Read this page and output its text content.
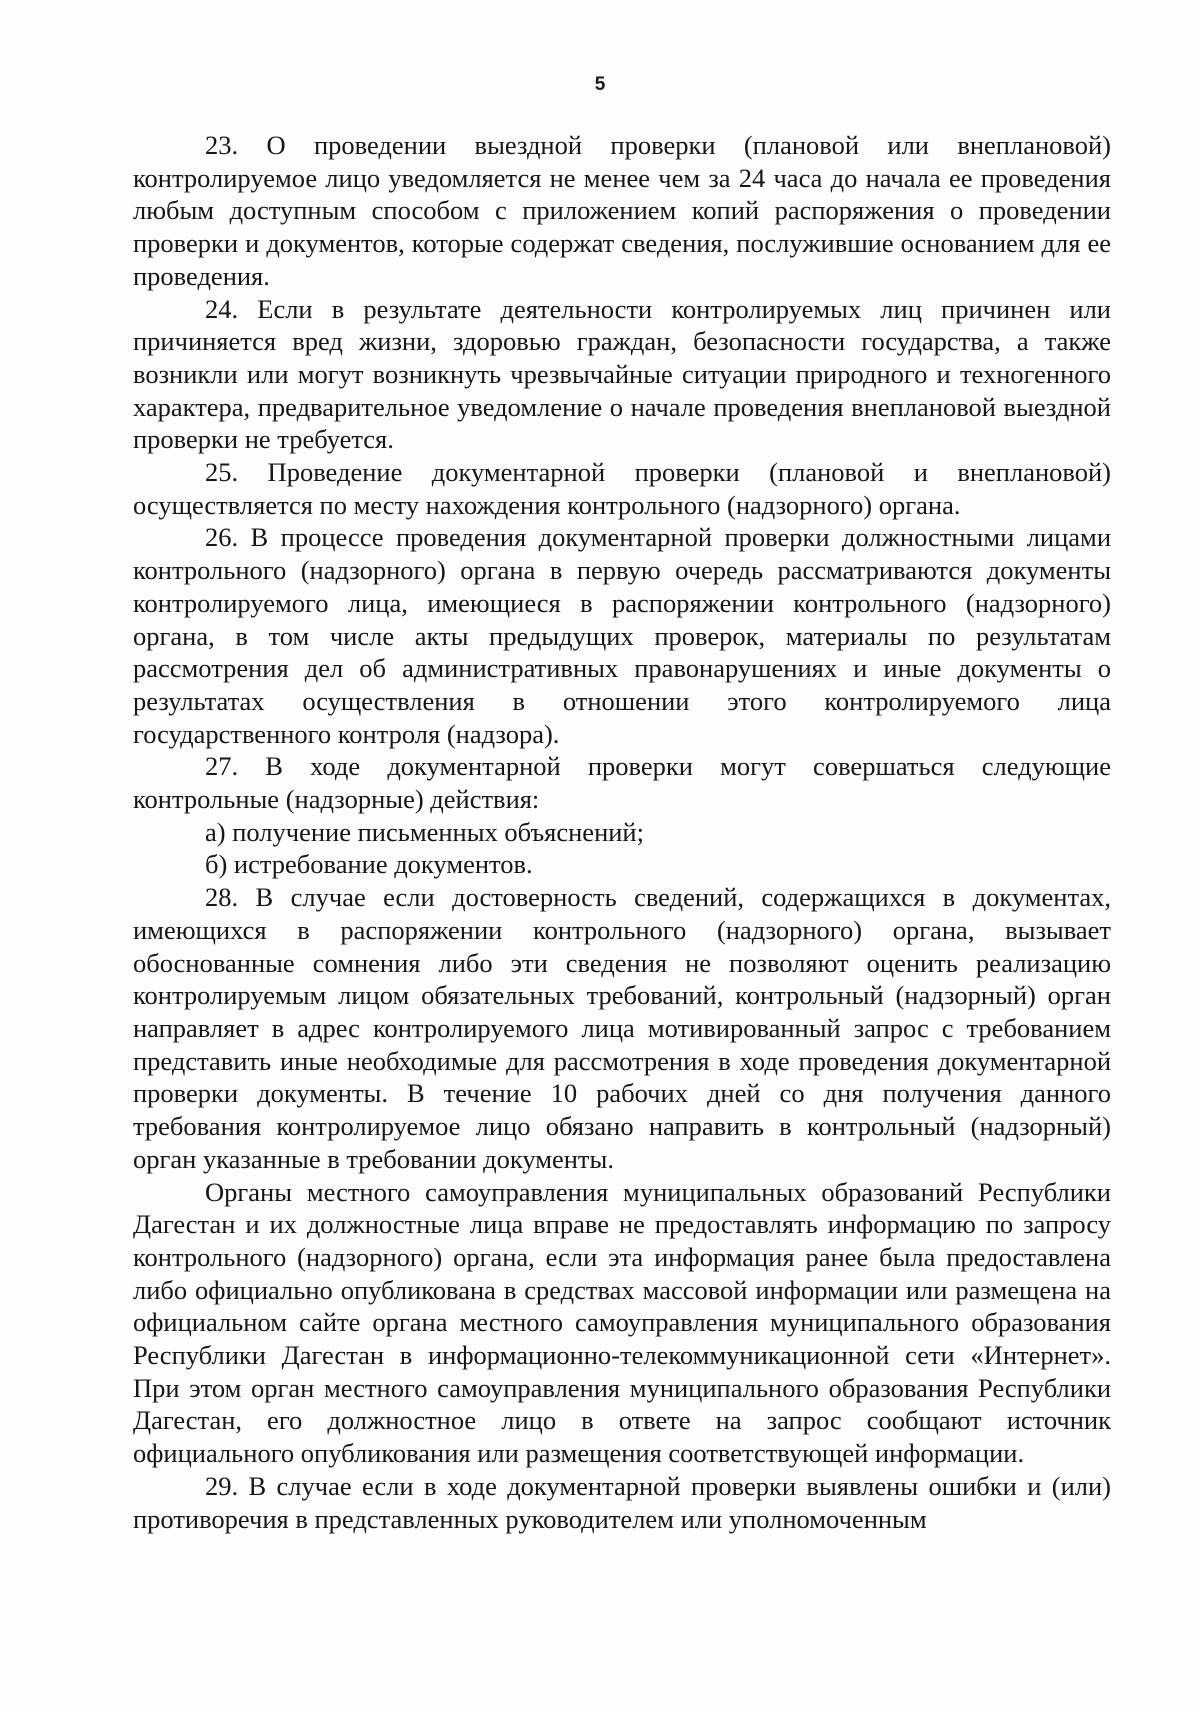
5

23. О проведении выездной проверки (плановой или внеплановой) контролируемое лицо уведомляется не менее чем за 24 часа до начала ее проведения любым доступным способом с приложением копий распоряжения о проведении проверки и документов, которые содержат сведения, послужившие основанием для ее проведения.

24. Если в результате деятельности контролируемых лиц причинен или причиняется вред жизни, здоровью граждан, безопасности государства, а также возникли или могут возникнуть чрезвычайные ситуации природного и техногенного характера, предварительное уведомление о начале проведения внеплановой выездной проверки не требуется.

25. Проведение документарной проверки (плановой и внеплановой) осуществляется по месту нахождения контрольного (надзорного) органа.

26. В процессе проведения документарной проверки должностными лицами контрольного (надзорного) органа в первую очередь рассматриваются документы контролируемого лица, имеющиеся в распоряжении контрольного (надзорного) органа, в том числе акты предыдущих проверок, материалы по результатам рассмотрения дел об административных правонарушениях и иные документы о результатах осуществления в отношении этого контролируемого лица государственного контроля (надзора).

27. В ходе документарной проверки могут совершаться следующие контрольные (надзорные) действия:

а) получение письменных объяснений;

б) истребование документов.

28. В случае если достоверность сведений, содержащихся в документах, имеющихся в распоряжении контрольного (надзорного) органа, вызывает обоснованные сомнения либо эти сведения не позволяют оценить реализацию контролируемым лицом обязательных требований, контрольный (надзорный) орган направляет в адрес контролируемого лица мотивированный запрос с требованием представить иные необходимые для рассмотрения в ходе проведения документарной проверки документы. В течение 10 рабочих дней со дня получения данного требования контролируемое лицо обязано направить в контрольный (надзорный) орган указанные в требовании документы.

Органы местного самоуправления муниципальных образований Республики Дагестан и их должностные лица вправе не предоставлять информацию по запросу контрольного (надзорного) органа, если эта информация ранее была предоставлена либо официально опубликована в средствах массовой информации или размещена на официальном сайте органа местного самоуправления муниципального образования Республики Дагестан в информационно-телекоммуникационной сети «Интернет». При этом орган местного самоуправления муниципального образования Республики Дагестан, его должностное лицо в ответе на запрос сообщают источник официального опубликования или размещения соответствующей информации.

29. В случае если в ходе документарной проверки выявлены ошибки и (или) противоречия в представленных руководителем или уполномоченным
